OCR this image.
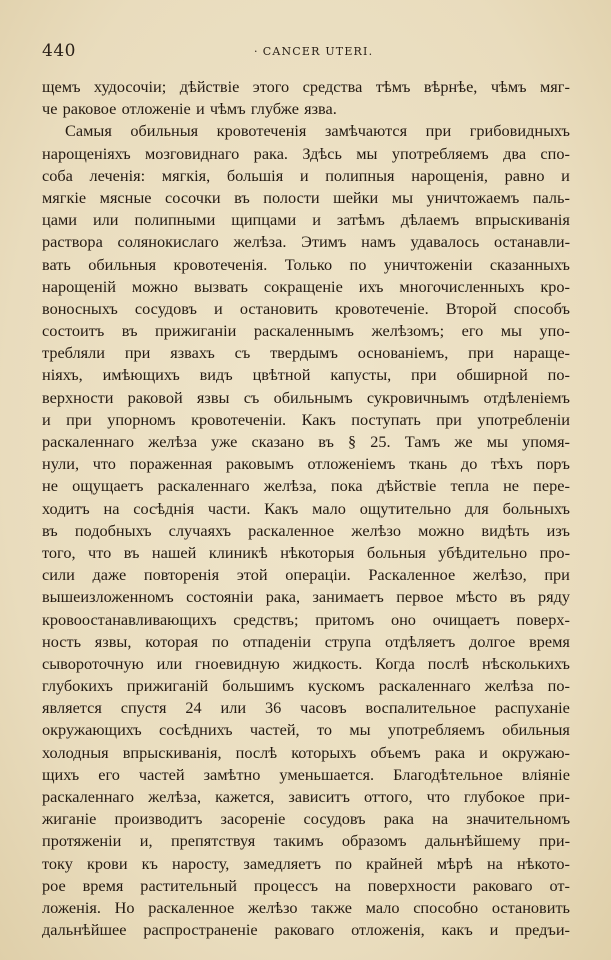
440	· CANCER UTERI.
щемъ худосочiи; дѣйствiе этого средства тѣмъ вѣрнѣе, чѣмъ мяг-
че раковое отложенiе и чѣмъ глубже язва.
Самыя обильныя кровотеченiя замѣчаются при грибовидныхъ
нарощенiяхъ мозговиднаго рака. Здѣсь мы употребляемъ два спо-
соба леченiя: мягкiя, большiя и полипныя нарощенiя, равно и
мягкiе мясные сосочки въ полости шейки мы уничтожаемъ паль-
цами или полипными щипцами и затѣмъ дѣлаемъ впрыскиванiя
раствора солянокислаго желѣза. Этимъ намъ удавалось останавли-
вать обильныя кровотеченiя. Только по уничтоженiи сказанныхъ
нарощенiй можно вызвать сокращенiе ихъ многочисленныхъ кро-
воносныхъ сосудовъ и остановить кровотеченiе. Второй способъ
состоитъ въ прижиганiи раскаленнымъ желѣзомъ; его мы упо-
требляли при язвахъ съ твердымъ основанiемъ, при нараще-
нiяхъ, имѣющихъ видъ цвѣтной капусты, при обширной по-
верхности раковой язвы съ обильнымъ сукровичнымъ отдѣленiемъ
и при упорномъ кровотеченiи. Какъ поступать при употребленiи
раскаленнаго желѣза уже сказано въ § 25. Тамъ же мы упомя-
нули, что пораженная раковымъ отложенiемъ ткань до тѣхъ поръ
не ощущаетъ раскаленнаго желѣза, пока дѣйствiе тепла не пере-
ходитъ на сосѣднiя части. Какъ мало ощутительно для больныхъ
въ подобныхъ случаяхъ раскаленное желѣзо можно видѣть изъ
того, что въ нашей клиникѣ нѣкоторыя больныя убѣдительно про-
сили даже повторенiя этой операцiи. Раскаленное желѣзо, при
вышеизложенномъ состоянiи рака, занимаетъ первое мѣсто въ ряду
кровоостанавливающихъ средствъ; притомъ оно очищаетъ поверх-
ность язвы, которая по отпаденiи струпа отдѣляетъ долгое время
сывороточную или гноевидную жидкость. Когда послѣ нѣсколькихъ
глубокихъ прижиганiй большимъ кускомъ раскаленнаго желѣза по-
является спустя 24 или 36 часовъ воспалительное распуханiе
окружающихъ сосѣднихъ частей, то мы употребляемъ обильныя
холодныя впрыскиванiя, послѣ которыхъ объемъ рака и окружаю-
щихъ его частей замѣтно уменьшается. Благодѣтельное влiянiе
раскаленнаго желѣза, кажется, зависитъ оттого, что глубокое при-
жиганiе производитъ засоренiе сосудовъ рака на значительномъ
протяженiи и, препятствуя такимъ образомъ дальнѣйшему при-
току крови къ наросту, замедляетъ по крайней мѣрѣ на нѣкото-
рое время растительный процессъ на поверхности раковаго от-
ложенiя. Но раскаленное желѣзо также мало способно остановить
дальнѣйшее распространенiе раковаго отложенiя, какъ и предъи-
